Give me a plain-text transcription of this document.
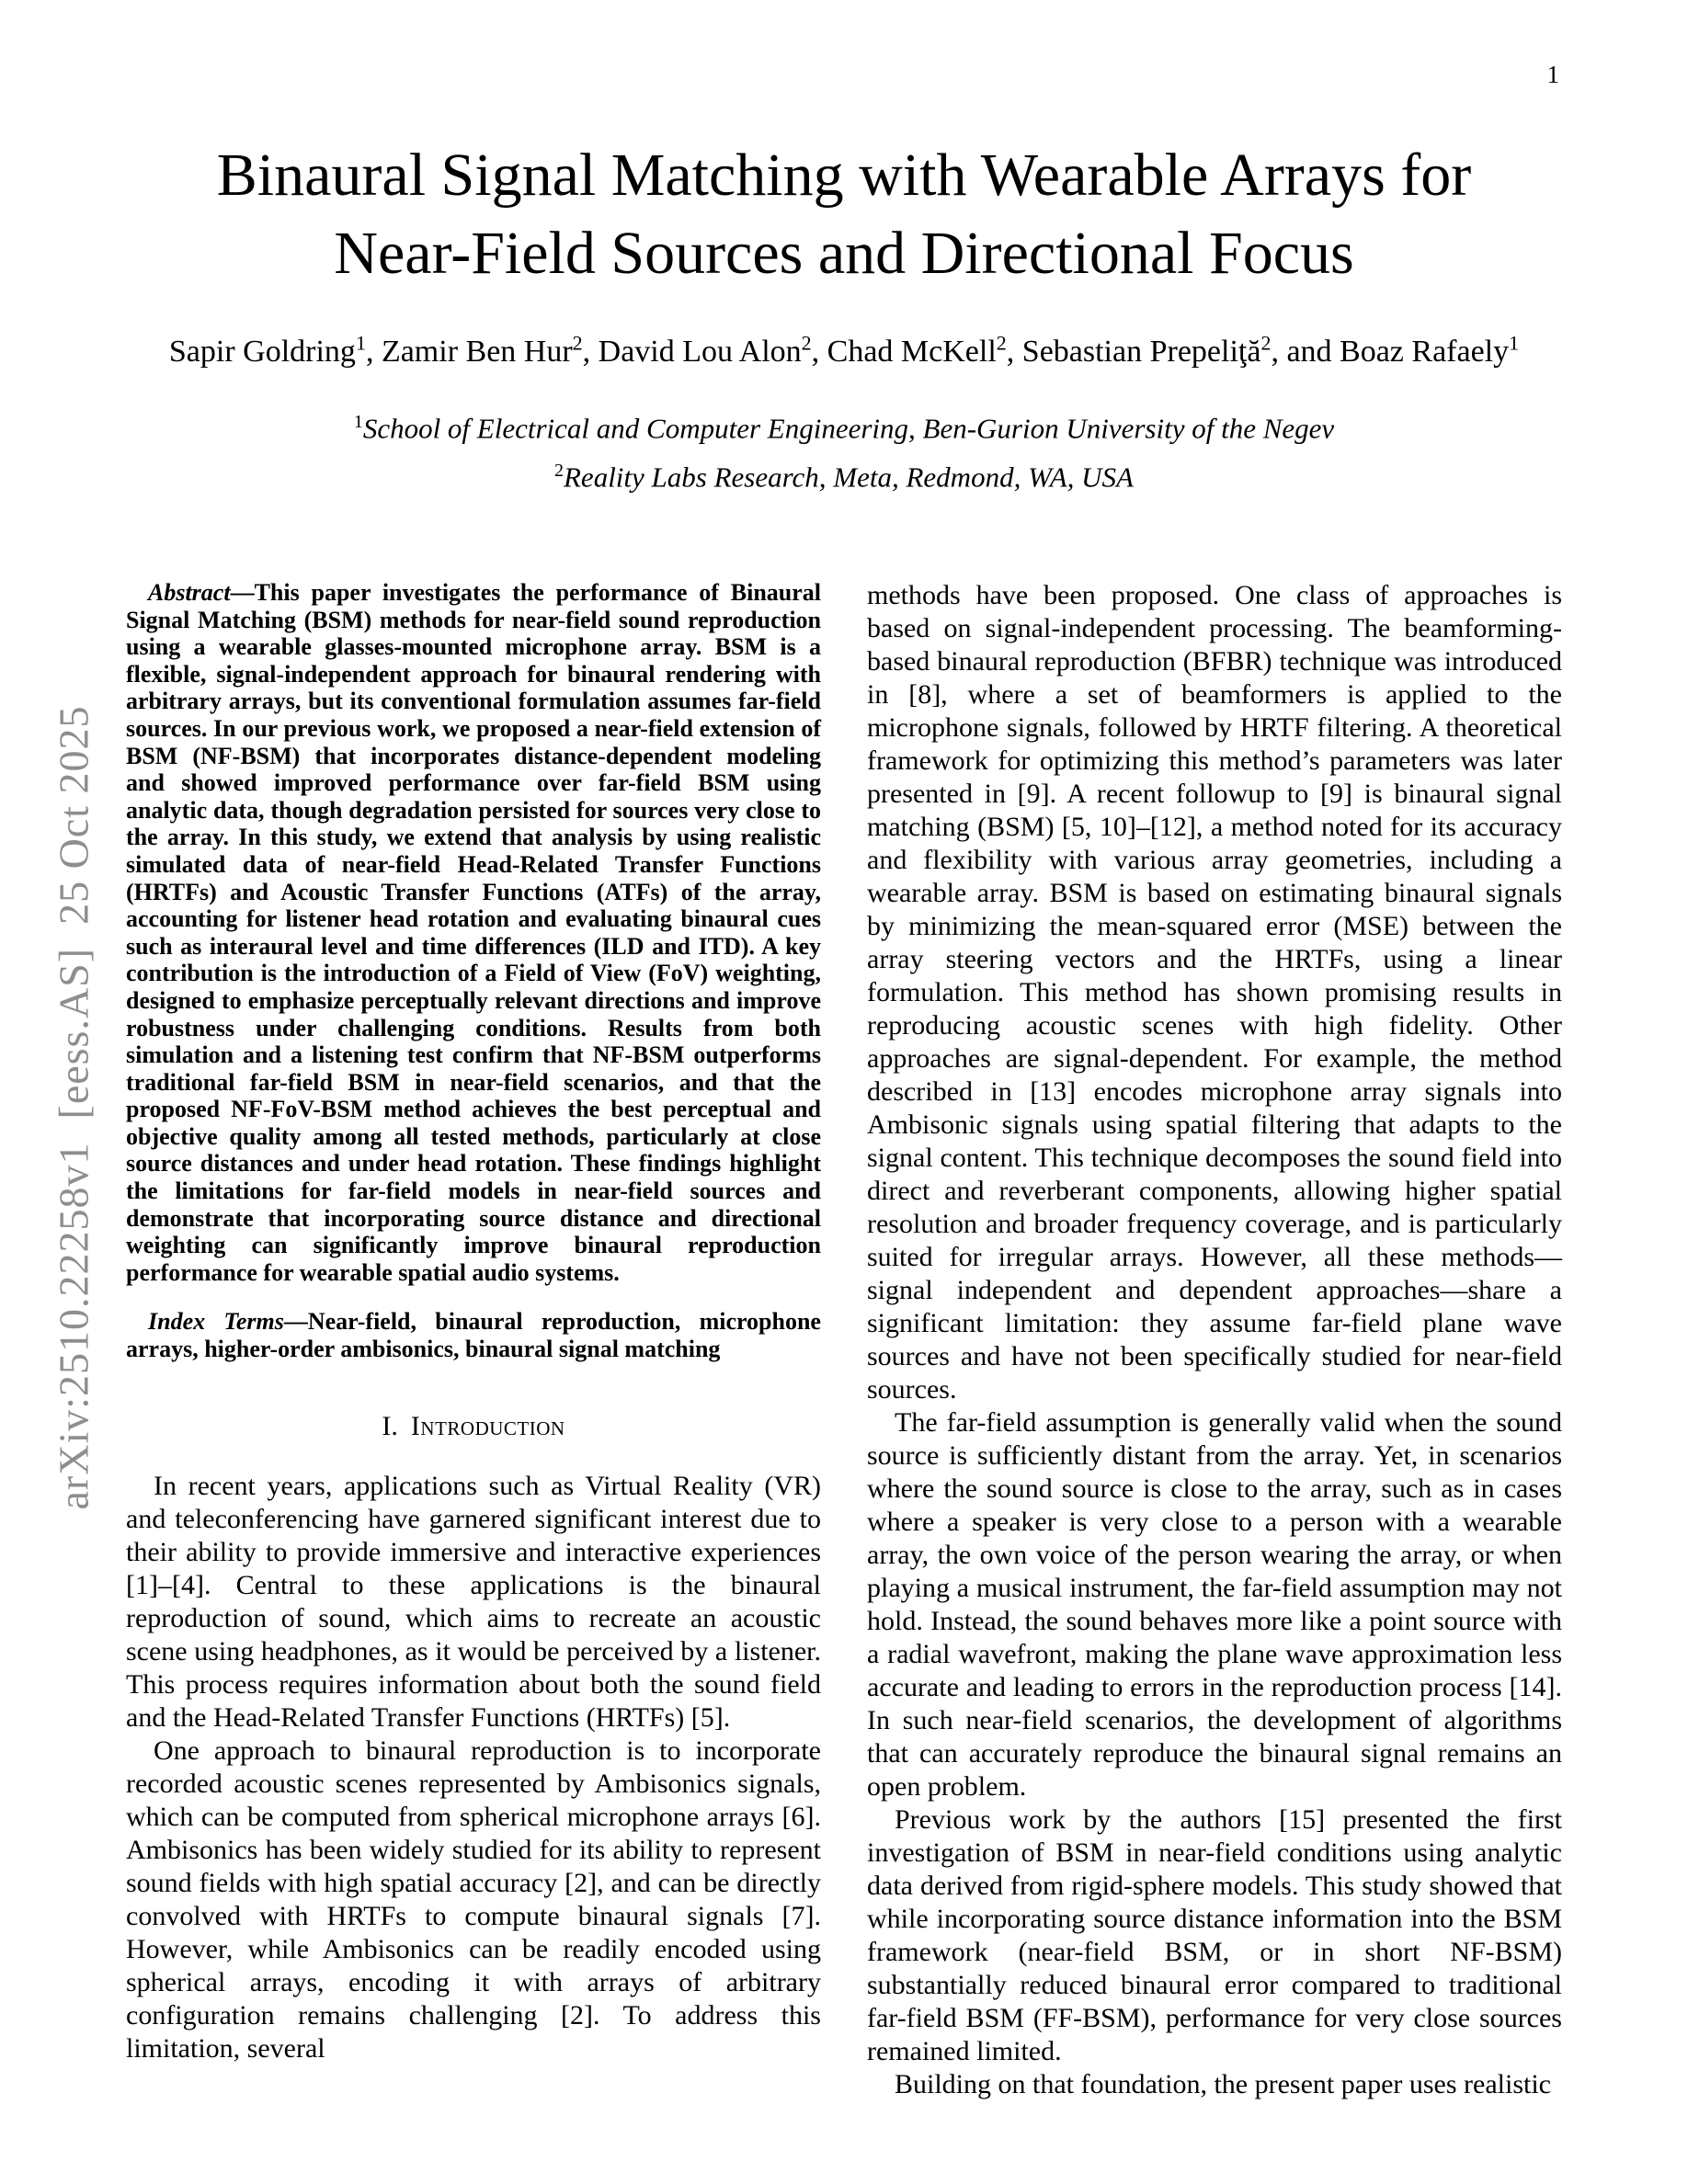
1
arXiv:2510.22258v1  [eess.AS]  25 Oct 2025
Binaural Signal Matching with Wearable Arrays for
Near-Field Sources and Directional Focus
Sapir Goldring$^1$, Zamir Ben Hur$^2$, David Lou Alon$^2$, Chad McKell$^2$, Sebastian Prepeliţă$^2$, and Boaz Rafaely$^1$
$^1$School of Electrical and Computer Engineering, Ben-Gurion University of the Negev
$^2$Reality Labs Research, Meta, Redmond, WA, USA

Abstract—This paper investigates the performance of Binaural Signal Matching (BSM) methods for near-field sound reproduction using a wearable glasses-mounted microphone array. BSM is a flexible, signal-independent approach for binaural rendering with arbitrary arrays, but its conventional formulation assumes far-field sources. In our previous work, we proposed a near-field extension of BSM (NF-BSM) that incorporates distance-dependent modeling and showed improved performance over far-field BSM using analytic data, though degradation persisted for sources very close to the array. In this study, we extend that analysis by using realistic simulated data of near-field Head-Related Transfer Functions (HRTFs) and Acoustic Transfer Functions (ATFs) of the array, accounting for listener head rotation and evaluating binaural cues such as interaural level and time differences (ILD and ITD). A key contribution is the introduction of a Field of View (FoV) weighting, designed to emphasize perceptually relevant directions and improve robustness under challenging conditions. Results from both simulation and a listening test confirm that NF-BSM outperforms traditional far-field BSM in near-field scenarios, and that the proposed NF-FoV-BSM method achieves the best perceptual and objective quality among all tested methods, particularly at close source distances and under head rotation. These findings highlight the limitations for far-field models in near-field sources and demonstrate that incorporating source distance and directional weighting can significantly improve binaural reproduction performance for wearable spatial audio systems.

Index Terms—Near-field, binaural reproduction, microphone arrays, higher-order ambisonics, binaural signal matching

I. Introduction

In recent years, applications such as Virtual Reality (VR) and teleconferencing have garnered significant interest due to their ability to provide immersive and interactive experiences [1]–[4]. Central to these applications is the binaural reproduction of sound, which aims to recreate an acoustic scene using headphones, as it would be perceived by a listener. This process requires information about both the sound field and the Head-Related Transfer Functions (HRTFs) [5].

One approach to binaural reproduction is to incorporate recorded acoustic scenes represented by Ambisonics signals, which can be computed from spherical microphone arrays [6]. Ambisonics has been widely studied for its ability to represent sound fields with high spatial accuracy [2], and can be directly convolved with HRTFs to compute binaural signals [7]. However, while Ambisonics can be readily encoded using spherical arrays, encoding it with arrays of arbitrary configuration remains challenging [2]. To address this limitation, several

methods have been proposed. One class of approaches is based on signal-independent processing. The beamforming-based binaural reproduction (BFBR) technique was introduced in [8], where a set of beamformers is applied to the microphone signals, followed by HRTF filtering. A theoretical framework for optimizing this method’s parameters was later presented in [9]. A recent followup to [9] is binaural signal matching (BSM) [5, 10]–[12], a method noted for its accuracy and flexibility with various array geometries, including a wearable array. BSM is based on estimating binaural signals by minimizing the mean-squared error (MSE) between the array steering vectors and the HRTFs, using a linear formulation. This method has shown promising results in reproducing acoustic scenes with high fidelity. Other approaches are signal-dependent. For example, the method described in [13] encodes microphone array signals into Ambisonic signals using spatial filtering that adapts to the signal content. This technique decomposes the sound field into direct and reverberant components, allowing higher spatial resolution and broader frequency coverage, and is particularly suited for irregular arrays. However, all these methods— signal independent and dependent approaches—share a significant limitation: they assume far-field plane wave sources and have not been specifically studied for near-field sources.

The far-field assumption is generally valid when the sound source is sufficiently distant from the array. Yet, in scenarios where the sound source is close to the array, such as in cases where a speaker is very close to a person with a wearable array, the own voice of the person wearing the array, or when playing a musical instrument, the far-field assumption may not hold. Instead, the sound behaves more like a point source with a radial wavefront, making the plane wave approximation less accurate and leading to errors in the reproduction process [14]. In such near-field scenarios, the development of algorithms that can accurately reproduce the binaural signal remains an open problem.

Previous work by the authors [15] presented the first investigation of BSM in near-field conditions using analytic data derived from rigid-sphere models. This study showed that while incorporating source distance information into the BSM framework (near-field BSM, or in short NF-BSM) substantially reduced binaural error compared to traditional far-field BSM (FF-BSM), performance for very close sources remained limited.

Building on that foundation, the present paper uses realistic
